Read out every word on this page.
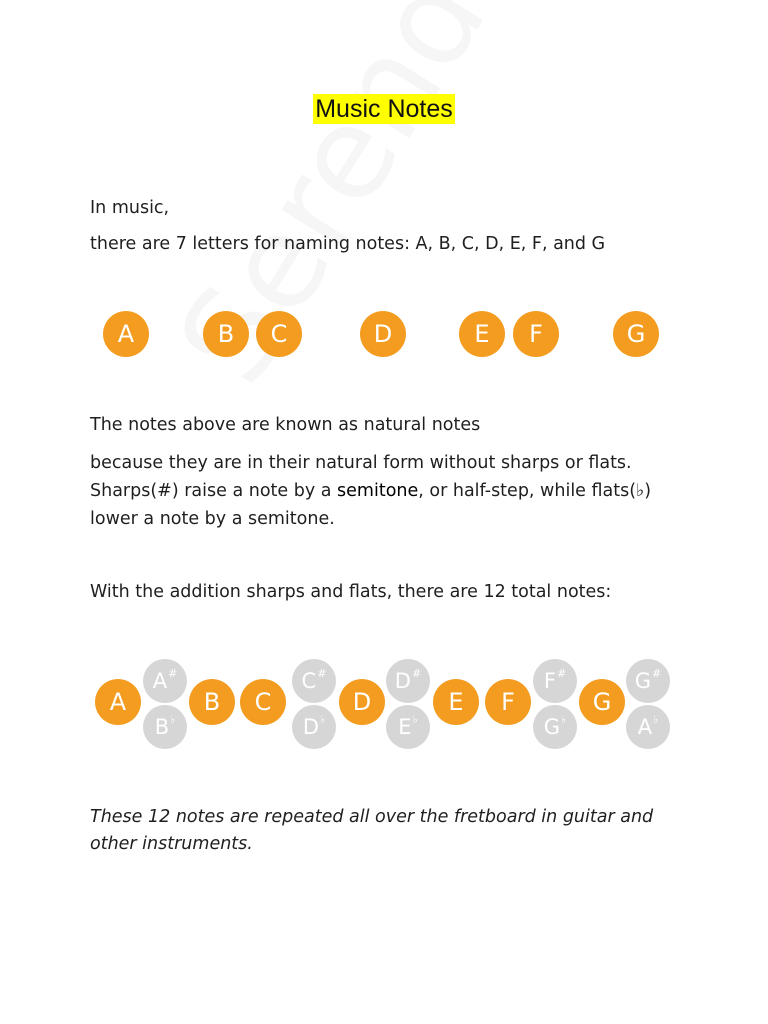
Music Notes
In music,
there are 7 letters for naming notes: A, B, C, D, E, F, and G
A	B	C	D	E	F	G
The notes above are known as natural notes
because they are in their natural form without sharps or flats.
Sharps(#) raise a note by a semitone, or half-step, while flats(♭)
lower a note by a semitone.
With the addition sharps and flats, there are 12 total notes:
A	B	C	D	E	F	G
A#	C#	D#	F#	G#
B♭	D♭	E♭	G♭	A♭
These 12 notes are repeated all over the fretboard in guitar and
other instruments.
